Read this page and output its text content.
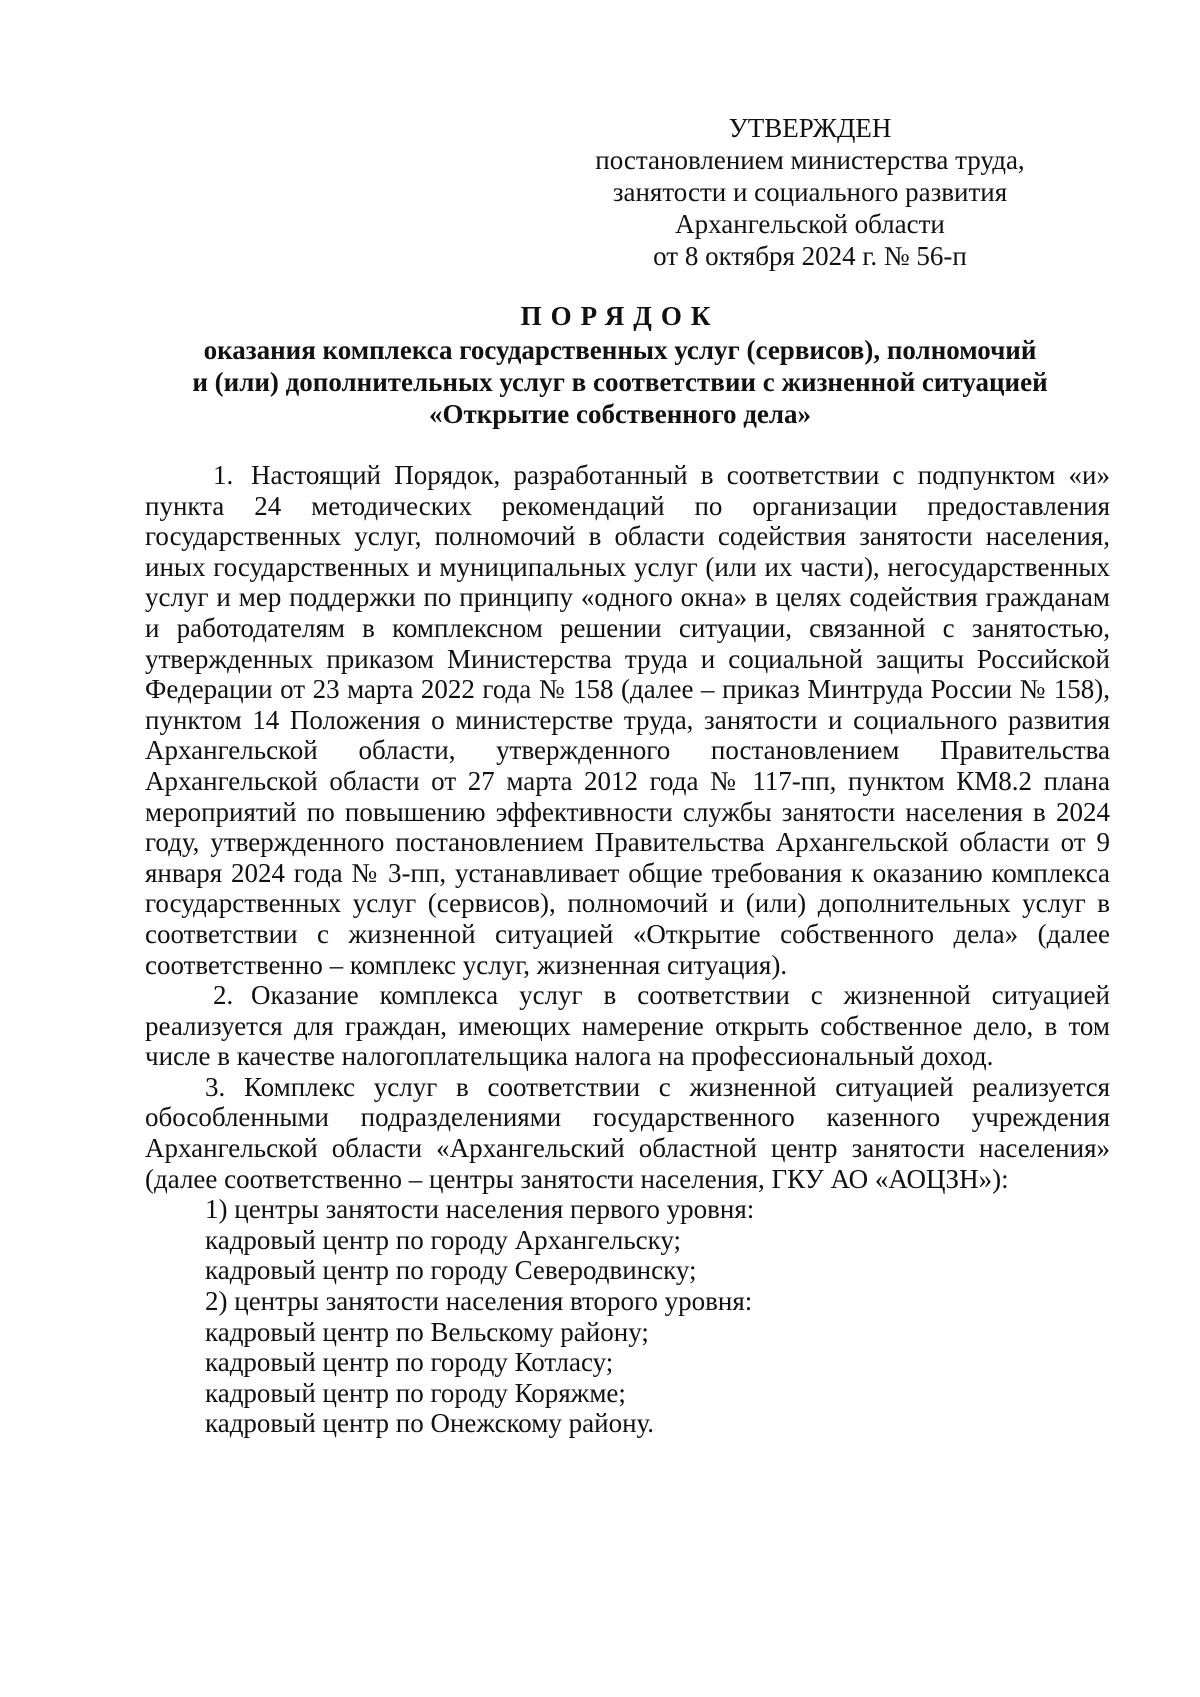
УТВЕРЖДЕН
постановлением министерства труда,
занятости и социального развития
Архангельской области
от 8 октября 2024 г. № 56-п
ПОРЯДОК
оказания комплекса государственных услуг (сервисов), полномочий
и (или) дополнительных услуг в соответствии с жизненной ситуацией
«Открытие собственного дела»

1. Настоящий Порядок, разработанный в соответствии с подпунктом «и» пункта 24 методических рекомендаций по организации предоставления государственных услуг, полномочий в области содействия занятости населения, иных государственных и муниципальных услуг (или их части), негосударственных услуг и мер поддержки по принципу «одного окна» в целях содействия гражданам и работодателям в комплексном решении ситуации, связанной с занятостью, утвержденных приказом Министерства труда и социальной защиты Российской Федерации от 23 марта 2022 года № 158 (далее – приказ Минтруда России № 158), пунктом 14 Положения о министерстве труда, занятости и социального развития Архангельской области, утвержденного постановлением Правительства Архангельской области от 27 марта 2012 года № 117-пп, пунктом КМ8.2 плана мероприятий по повышению эффективности службы занятости населения в 2024 году, утвержденного постановлением Правительства Архангельской области от 9 января 2024 года № 3-пп, устанавливает общие требования к оказанию комплекса государственных услуг (сервисов), полномочий и (или) дополнительных услуг в соответствии с жизненной ситуацией «Открытие собственного дела» (далее соответственно – комплекс услуг, жизненная ситуация).

2. Оказание комплекса услуг в соответствии с жизненной ситуацией реализуется для граждан, имеющих намерение открыть собственное дело, в том числе в качестве налогоплательщика налога на профессиональный доход.

3. Комплекс услуг в соответствии с жизненной ситуацией реализуется обособленными подразделениями государственного казенного учреждения Архангельской области «Архангельский областной центр занятости населения» (далее соответственно – центры занятости населения, ГКУ АО «АОЦЗН»):

1) центры занятости населения первого уровня:

кадровый центр по городу Архангельску;

кадровый центр по городу Северодвинску;

2) центры занятости населения второго уровня:

кадровый центр по Вельскому району;

кадровый центр по городу Котласу;

кадровый центр по городу Коряжме;

кадровый центр по Онежскому району.
